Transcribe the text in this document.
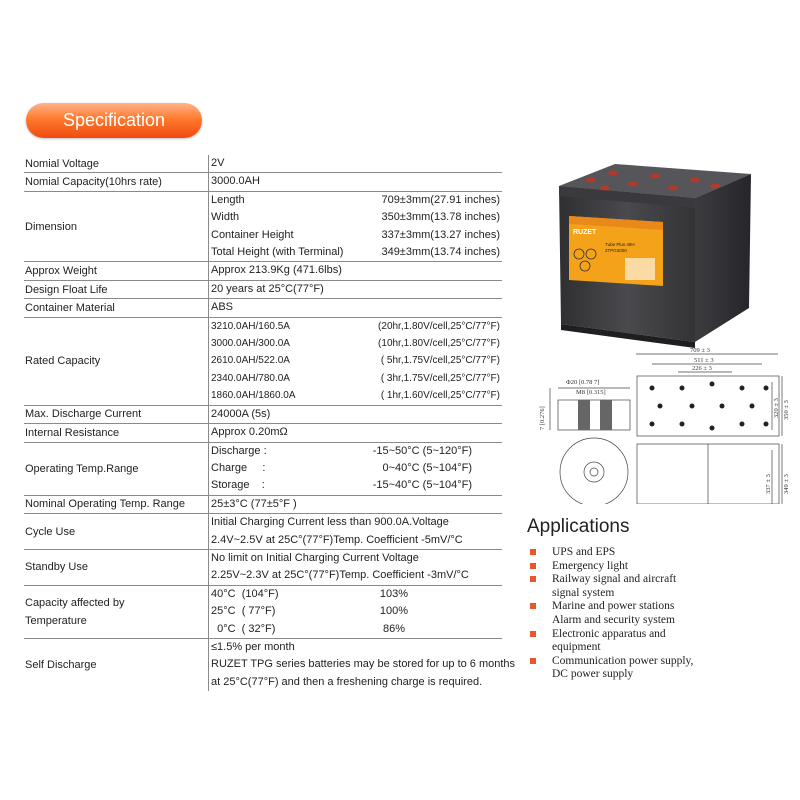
Specification
Nomial Voltage	2V
Nomial Capacity(10hrs rate)	3000.0AH
Dimension
Length	709±3mm(27.91 inches)
Width	350±3mm(13.78 inches)
Container Height	337±3mm(13.27 inches)
Total Height (with Terminal)	349±3mm(13.74 inches)
Approx Weight	Approx 213.9Kg (471.6lbs)
Design Float Life	20 years at 25°C(77°F)
Container Material	ABS
Rated Capacity
3210.0AH/160.5A	(20hr,1.80V/cell,25°C/77°F)
3000.0AH/300.0A	(10hr,1.80V/cell,25°C/77°F)
2610.0AH/522.0A	( 5hr,1.75V/cell,25°C/77°F)
2340.0AH/780.0A	( 3hr,1.75V/cell,25°C/77°F)
1860.0AH/1860.0A	( 1hr,1.60V/cell,25°C/77°F)
Max. Discharge Current	24000A (5s)
Internal Resistance	Approx 0.20mΩ
Operating Temp.Range
Discharge :	-15~50°C (5~120°F)
Charge     :	0~40°C (5~104°F)
Storage    :	-15~40°C (5~104°F)
Nominal Operating Temp. Range	25±3°C (77±5°F )
Cycle Use
Initial Charging Current less than 900.0A.Voltage
2.4V~2.5V at 25C°(77°F)Temp. Coefficient -5mV/°C
Standby Use
No limit on Initial Charging Current Voltage
2.25V~2.3V at 25C°(77°F)Temp. Coefficient -3mV/°C
Capacity affected by
Temperature
40°C  (104°F)	103%
25°C  ( 77°F)	100%
0°C  ( 32°F)	86%
Self Discharge
≤1.5% per month
RUZET TPG series batteries may be stored for up to 6 months
at 25°C(77°F) and then a freshening charge is required.
RUZET
Tube Plus 48H
2TPG3000
709 ± 3
511 ± 3
226 ± 3
Φ20 [0.78 7]
M8 [0.315]
7 [0.276]	350 ± 3
320 ± 3
337 ± 3 349 ± 3
Applications
UPS and EPS
Emergency light
Railway signal and aircraft
signal system
Marine and power stations
Alarm and security system
Electronic apparatus and
equipment
Communication power supply,
DC power supply
